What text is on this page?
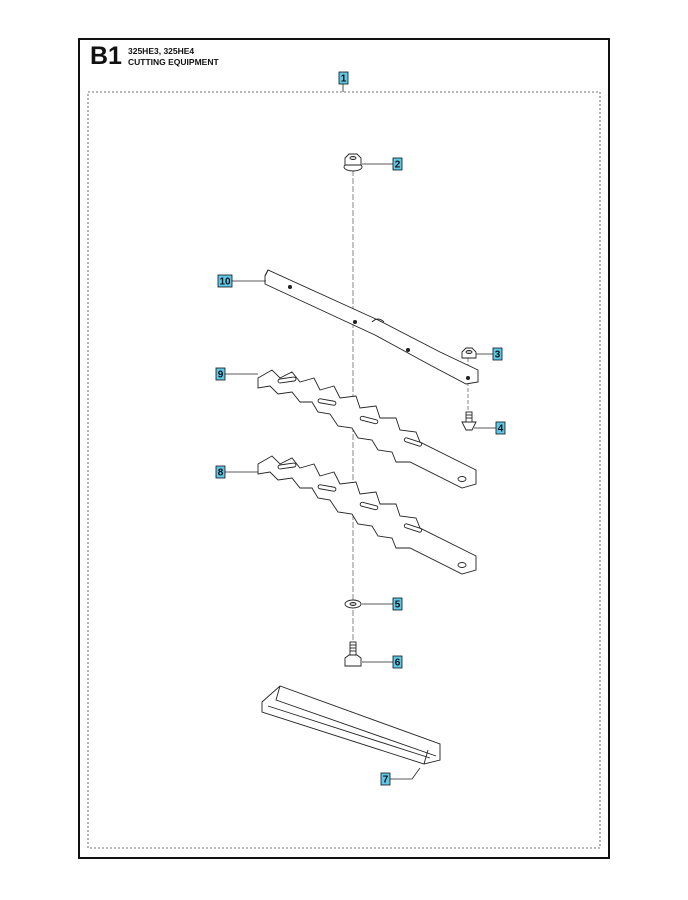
B1 325HE3, 325HE4
CUTTING EQUIPMENT
1
2
3
4
5
6
7
8
9
10
